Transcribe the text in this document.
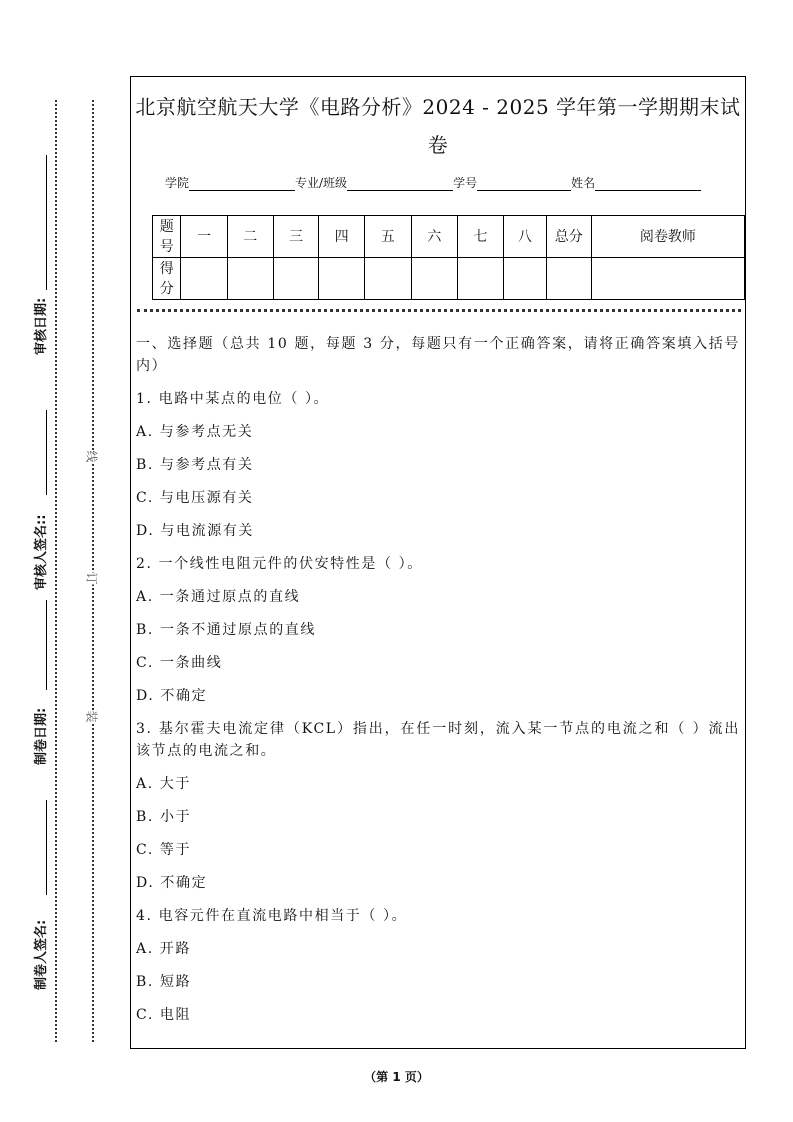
线
订
装
制卷人签名:
制卷日期:
审核人签名::
审核日期:
北京航空航天大学《电路分析》2024 - 2025 学年第一学期期末试
卷
学院	专业/班级	学号	姓名
题号	一	二	三	四	五	六	七	八	总分	阅卷教师
得分										

一、选择题（总共 10 题，每题 3 分，每题只有一个正确答案，请将正确答案填入括号内）

1. 电路中某点的电位（ ）。

A. 与参考点无关

B. 与参考点有关

C. 与电压源有关

D. 与电流源有关

2. 一个线性电阻元件的伏安特性是（ ）。

A. 一条通过原点的直线

B. 一条不通过原点的直线

C. 一条曲线

D. 不确定

3. 基尔霍夫电流定律（KCL）指出，在任一时刻，流入某一节点的电流之和（ ）流出该节点的电流之和。

A. 大于

B. 小于

C. 等于

D. 不确定

4. 电容元件在直流电路中相当于（ ）。

A. 开路

B. 短路

C. 电阻

（第 1 页）
